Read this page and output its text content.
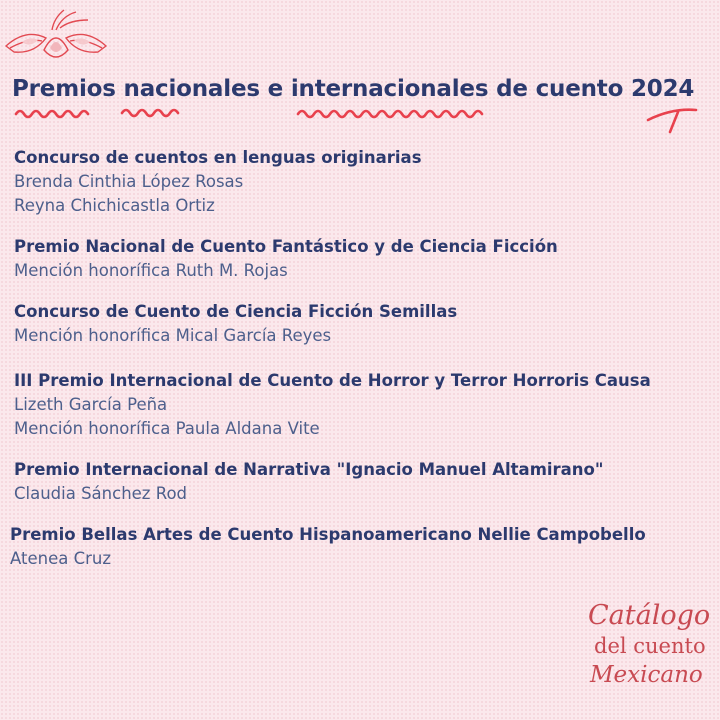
Premios nacionales e internacionales de cuento 2024
Concurso de cuentos en lenguas originarias
Brenda Cinthia López Rosas
Reyna Chichicastla Ortiz
Premio Nacional de Cuento Fantástico y de Ciencia Ficción
Mención honorífica Ruth M. Rojas
Concurso de Cuento de Ciencia Ficción Semillas
Mención honorífica Mical García Reyes
III Premio Internacional de Cuento de Horror y Terror Horroris Causa
Lizeth García Peña
Mención honorífica Paula Aldana Vite
Premio Internacional de Narrativa "Ignacio Manuel Altamirano"
Claudia Sánchez Rod
Premio Bellas Artes de Cuento Hispanoamericano Nellie Campobello
Atenea Cruz
Catálogo
del cuento
Mexicano
